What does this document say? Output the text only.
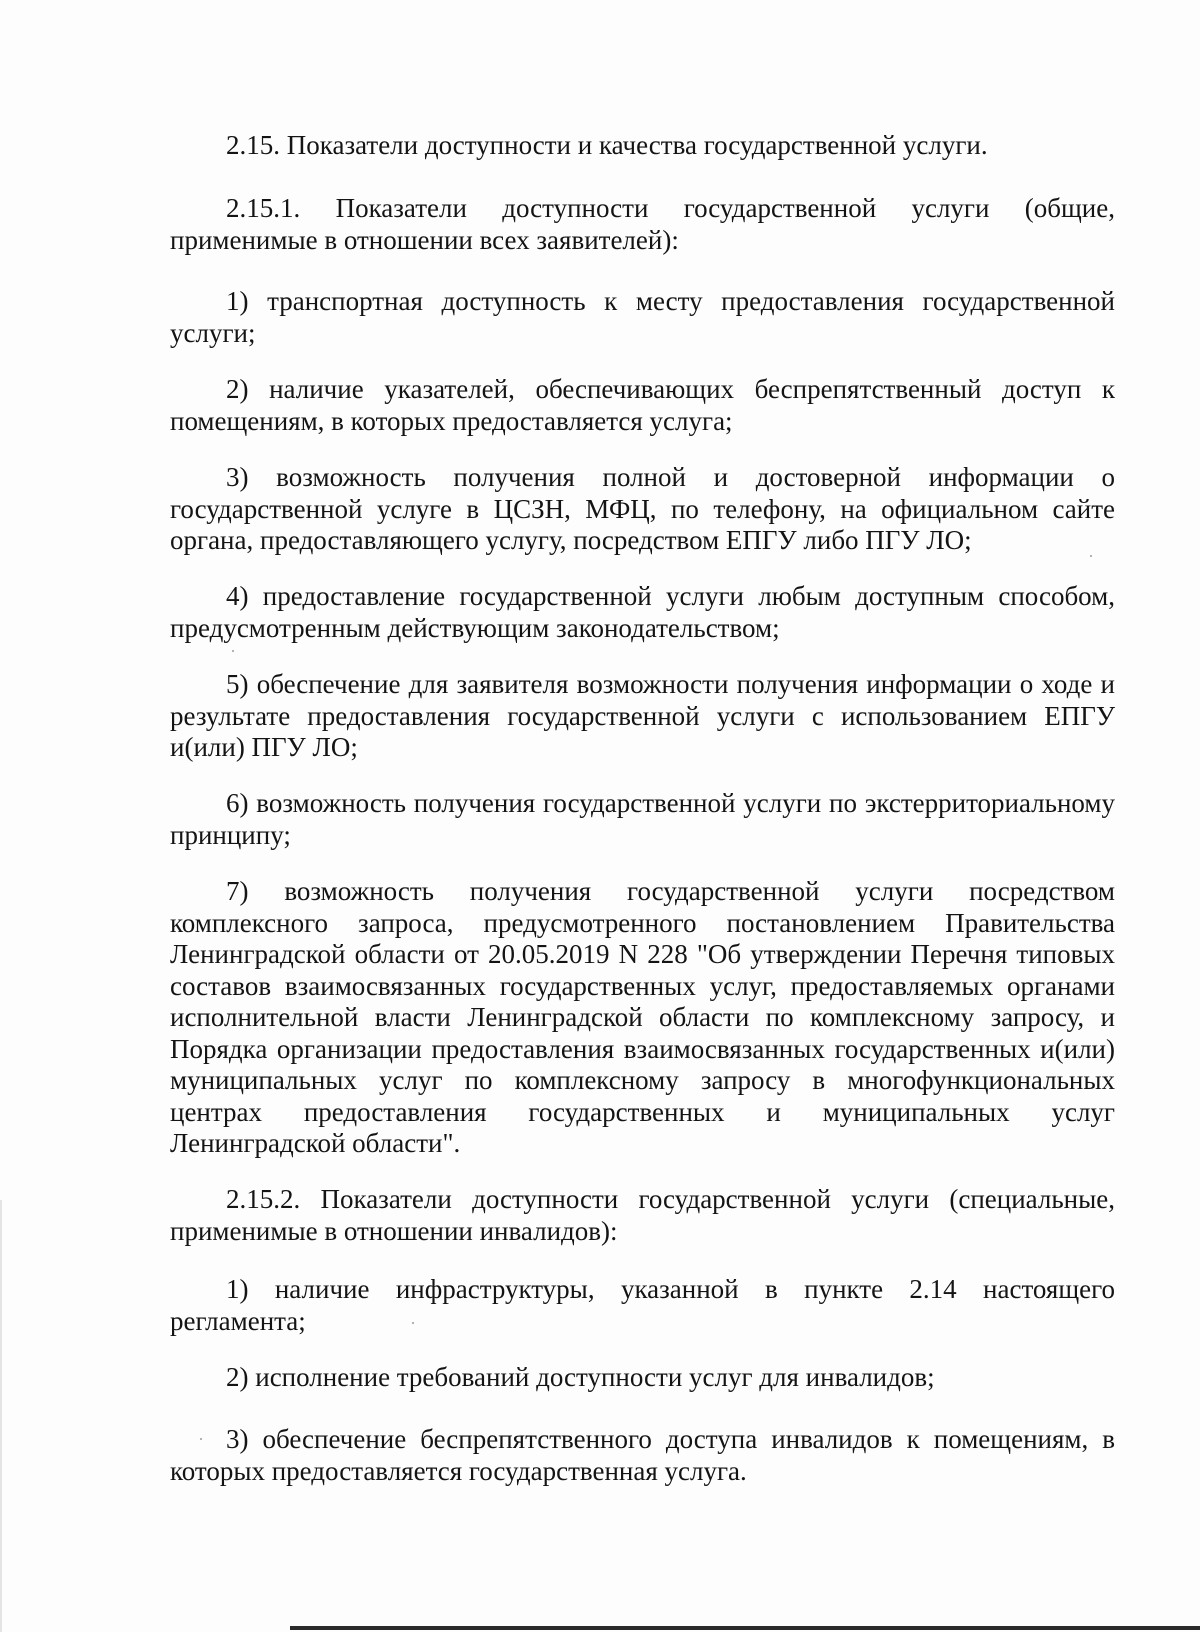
2.15. Показатели доступности и качества государственной услуги.

2.15.1. Показатели доступности государственной услуги (общие, применимые в отношении всех заявителей):

1) транспортная доступность к месту предоставления государственной услуги;

2) наличие указателей, обеспечивающих беспрепятственный доступ к помещениям, в которых предоставляется услуга;

3) возможность получения полной и достоверной информации о государственной услуге в ЦСЗН, МФЦ, по телефону, на официальном сайте органа, предоставляющего услугу, посредством ЕПГУ либо ПГУ ЛО;

4) предоставление государственной услуги любым доступным способом, предусмотренным действующим законодательством;

5) обеспечение для заявителя возможности получения информации о ходе и результате предоставления государственной услуги с использованием ЕПГУ и(или) ПГУ ЛО;

6) возможность получения государственной услуги по экстерриториальному принципу;

7) возможность получения государственной услуги посредством комплексного запроса, предусмотренного постановлением Правительства Ленинградской области от 20.05.2019 N 228 "Об утверждении Перечня типовых составов взаимосвязанных государственных услуг, предоставляемых органами исполнительной власти Ленинградской области по комплексному запросу, и Порядка организации предоставления взаимосвязанных государственных и(или) муниципальных услуг по комплексному запросу в многофункциональных центрах предоставления государственных и муниципальных услуг Ленинградской области".

2.15.2. Показатели доступности государственной услуги (специальные, применимые в отношении инвалидов):

1) наличие инфраструктуры, указанной в пункте 2.14 настоящего регламента;

2) исполнение требований доступности услуг для инвалидов;

3) обеспечение беспрепятственного доступа инвалидов к помещениям, в которых предоставляется государственная услуга.
